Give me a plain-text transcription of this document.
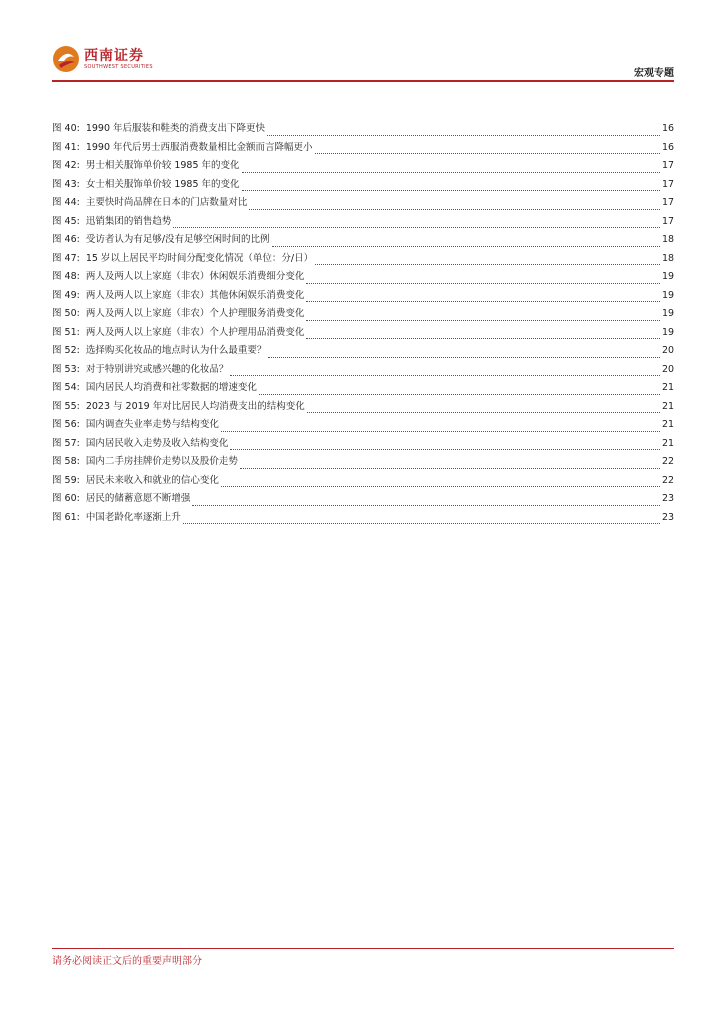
西南证券
SOUTHWEST SECURITIES
宏观专题
图 40: 1990 年后服装和鞋类的消费支出下降更快	16
图 41: 1990 年代后男士西服消费数量相比金额而言降幅更小	16
图 42: 男士相关服饰单价较 1985 年的变化	17
图 43: 女士相关服饰单价较 1985 年的变化	17
图 44: 主要快时尚品牌在日本的门店数量对比	17
图 45: 迅销集团的销售趋势	17
图 46: 受访者认为有足够/没有足够空闲时间的比例	18
图 47: 15 岁以上居民平均时间分配变化情况（单位：分/日）	18
图 48: 两人及两人以上家庭（非农）休闲娱乐消费细分变化	19
图 49: 两人及两人以上家庭（非农）其他休闲娱乐消费变化	19
图 50: 两人及两人以上家庭（非农）个人护理服务消费变化	19
图 51: 两人及两人以上家庭（非农）个人护理用品消费变化	19
图 52: 选择购买化妆品的地点时认为什么最重要？	20
图 53: 对于特别讲究或感兴趣的化妆品？	20
图 54: 国内居民人均消费和社零数据的增速变化	21
图 55: 2023 与 2019 年对比居民人均消费支出的结构变化	21
图 56: 国内调查失业率走势与结构变化	21
图 57: 国内居民收入走势及收入结构变化	21
图 58: 国内二手房挂牌价走势以及股价走势	22
图 59: 居民未来收入和就业的信心变化	22
图 60: 居民的储蓄意愿不断增强	23
图 61: 中国老龄化率逐渐上升	23
请务必阅读正文后的重要声明部分
